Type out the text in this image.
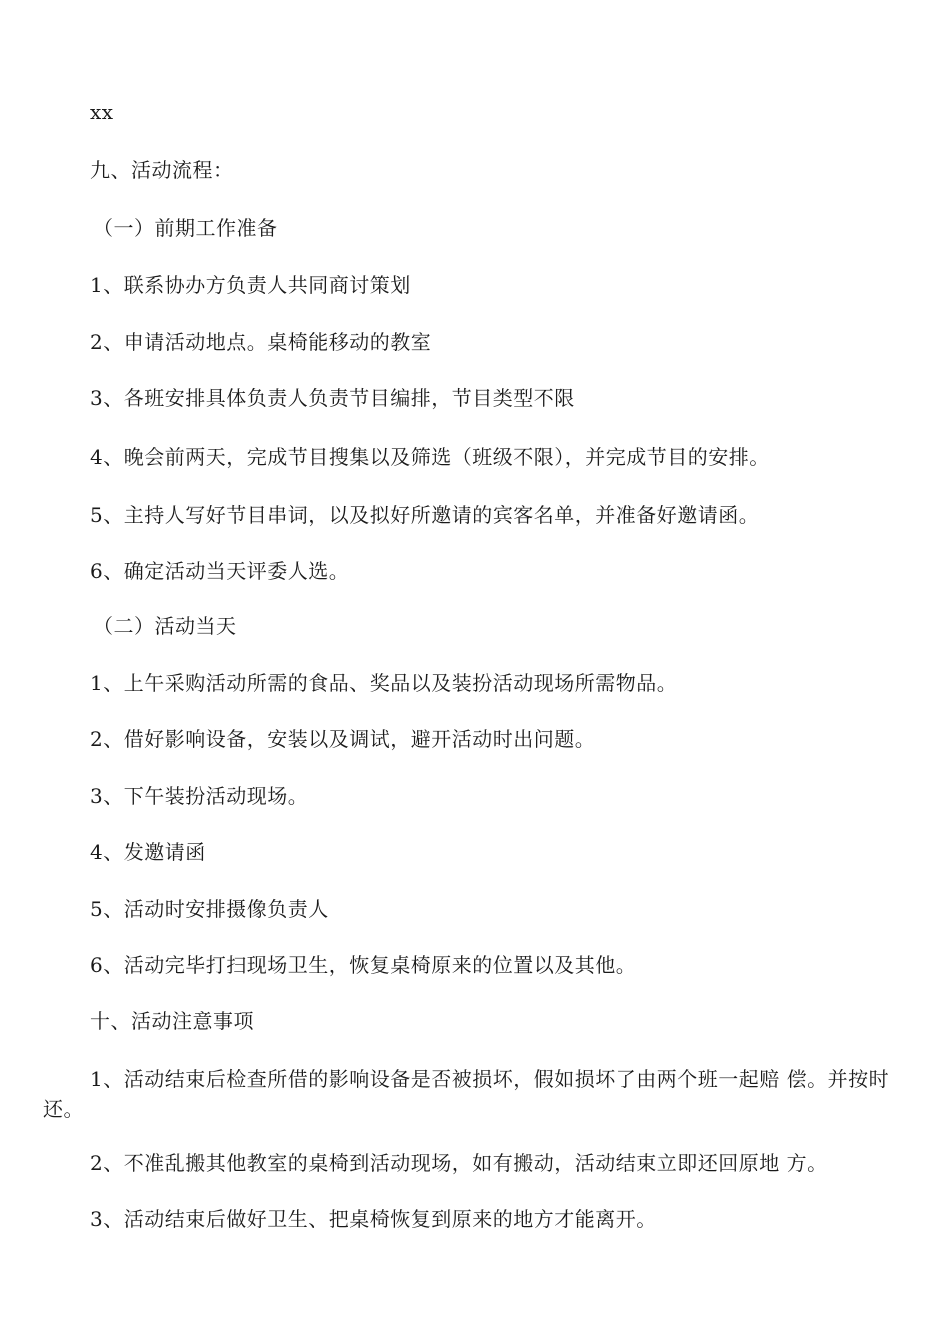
xx
九、活动流程：
（一）前期工作准备
1、联系协办方负责人共同商讨策划
2、申请活动地点。桌椅能移动的教室
3、各班安排具体负责人负责节目编排，节目类型不限
4、晚会前两天，完成节目搜集以及筛选（班级不限），并完成节目的安排。
5、主持人写好节目串词，以及拟好所邀请的宾客名单，并准备好邀请函。
6、确定活动当天评委人选。
（二）活动当天
1、上午采购活动所需的食品、奖品以及装扮活动现场所需物品。
2、借好影响设备，安装以及调试，避开活动时出问题。
3、下午装扮活动现场。
4、发邀请函
5、活动时安排摄像负责人
6、活动完毕打扫现场卫生，恢复桌椅原来的位置以及其他。
十、活动注意事项
1、活动结束后检查所借的影响设备是否被损坏，假如损坏了由两个班一起赔 偿。并按时还。
2、不准乱搬其他教室的桌椅到活动现场，如有搬动，活动结束立即还回原地 方。
3、活动结束后做好卫生、把桌椅恢复到原来的地方才能离开。
